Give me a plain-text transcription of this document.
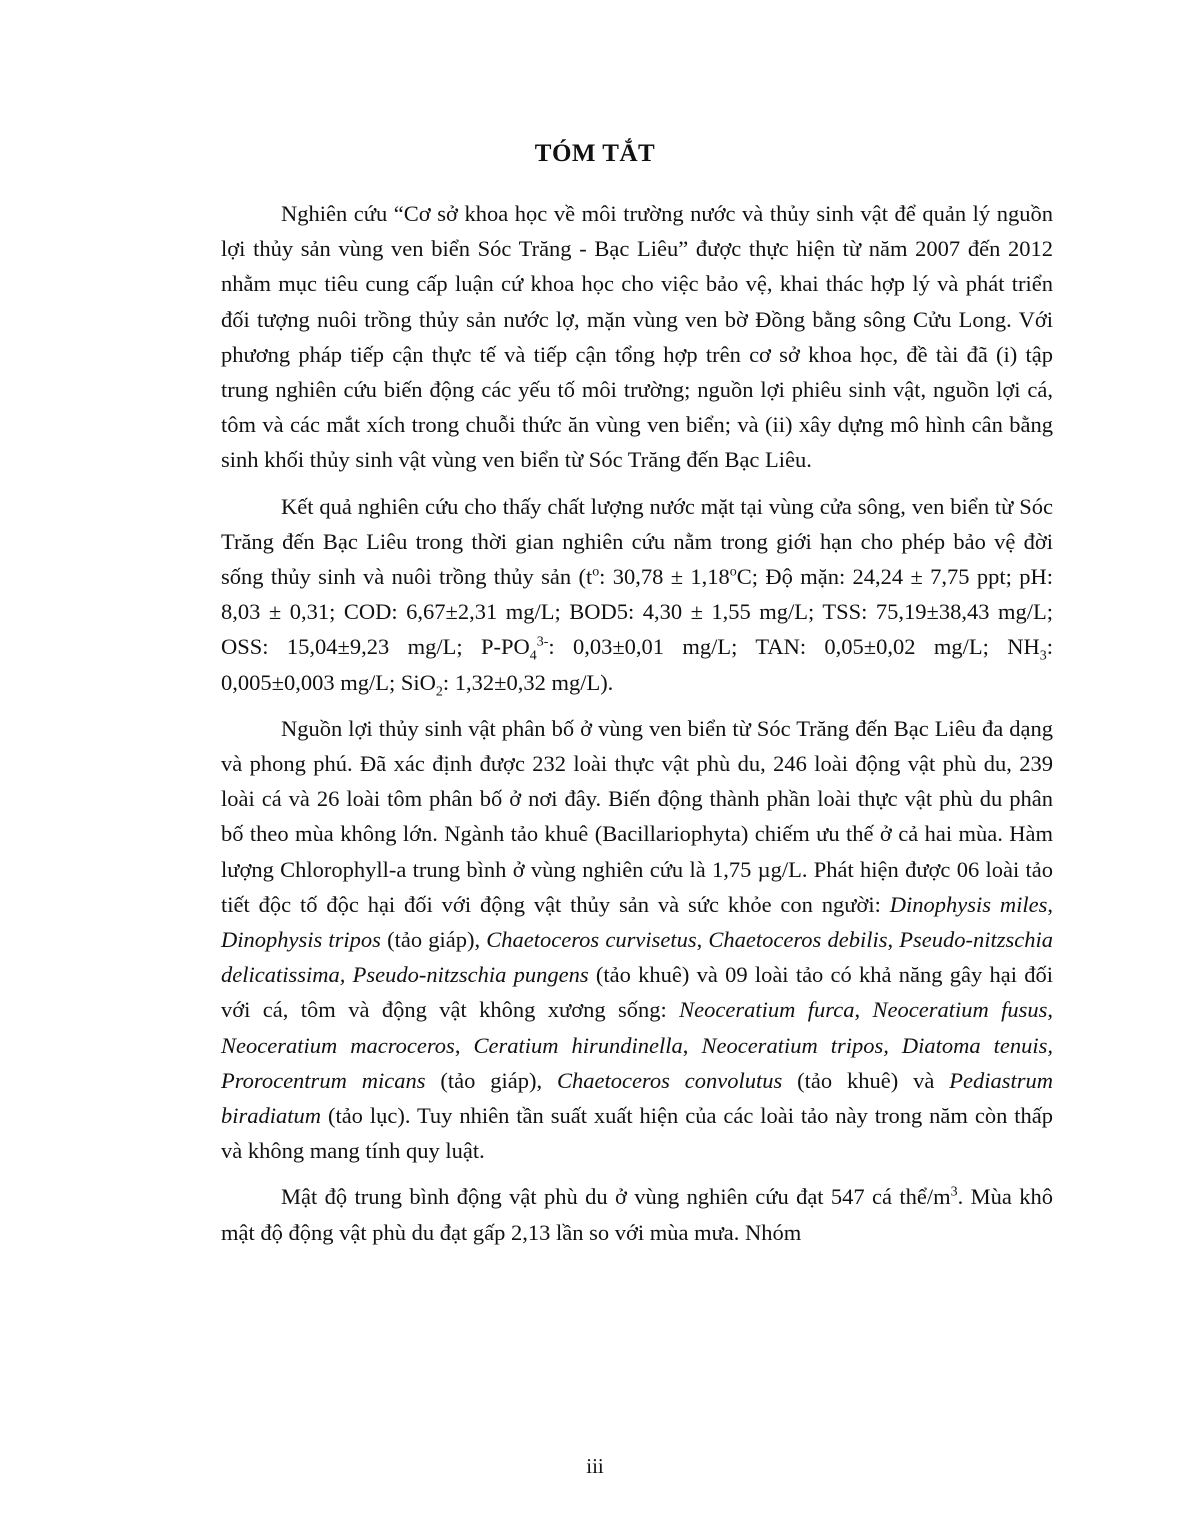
TÓM TẮT

Nghiên cứu “Cơ sở khoa học về môi trường nước và thủy sinh vật để quản lý nguồn lợi thủy sản vùng ven biển Sóc Trăng - Bạc Liêu” được thực hiện từ năm 2007 đến 2012 nhằm mục tiêu cung cấp luận cứ khoa học cho việc bảo vệ, khai thác hợp lý và phát triển đối tượng nuôi trồng thủy sản nước lợ, mặn vùng ven bờ Đồng bằng sông Cửu Long. Với phương pháp tiếp cận thực tế và tiếp cận tổng hợp trên cơ sở khoa học, đề tài đã (i) tập trung nghiên cứu biến động các yếu tố môi trường; nguồn lợi phiêu sinh vật, nguồn lợi cá, tôm và các mắt xích trong chuỗi thức ăn vùng ven biển; và (ii) xây dựng mô hình cân bằng sinh khối thủy sinh vật vùng ven biển từ Sóc Trăng đến Bạc Liêu.

Kết quả nghiên cứu cho thấy chất lượng nước mặt tại vùng cửa sông, ven biển từ Sóc Trăng đến Bạc Liêu trong thời gian nghiên cứu nằm trong giới hạn cho phép bảo vệ đời sống thủy sinh và nuôi trồng thủy sản ($t^o$: $30,78 \pm 1,18^oC$; Độ mặn: 24,24 ± 7,75 ppt; pH: 8,03 ± 0,31; COD: 6,67±2,31 mg/L; BOD5: 4,30 ± 1,55 mg/L; TSS: 75,19±38,43 mg/L; OSS: 15,04±9,23 mg/L; $P-PO_4^{3-}$: 0,03±0,01 mg/L; TAN: 0,05±0,02 mg/L; $NH_3$: 0,005±0,003 mg/L; SiO$_2$: 1,32±0,32 mg/L).

Nguồn lợi thủy sinh vật phân bố ở vùng ven biển từ Sóc Trăng đến Bạc Liêu đa dạng và phong phú. Đã xác định được 232 loài thực vật phù du, 246 loài động vật phù du, 239 loài cá và 26 loài tôm phân bố ở nơi đây. Biến động thành phần loài thực vật phù du phân bố theo mùa không lớn. Ngành tảo khuê (Bacillariophyta) chiếm ưu thế ở cả hai mùa. Hàm lượng Chlorophyll-a trung bình ở vùng nghiên cứu là 1,75 µg/L. Phát hiện được 06 loài tảo tiết độc tố độc hại đối với động vật thủy sản và sức khỏe con người: Dinophysis miles, Dinophysis tripos (tảo giáp), Chaetoceros curvisetus, Chaetoceros debilis, Pseudo-nitzschia delicatissima, Pseudo-nitzschia pungens (tảo khuê) và 09 loài tảo có khả năng gây hại đối với cá, tôm và động vật không xương sống: Neoceratium furca, Neoceratium fusus, Neoceratium macroceros, Ceratium hirundinella, Neoceratium tripos, Diatoma tenuis, Prorocentrum micans (tảo giáp), Chaetoceros convolutus (tảo khuê) và Pediastrum biradiatum (tảo lục). Tuy nhiên tần suất xuất hiện của các loài tảo này trong năm còn thấp và không mang tính quy luật.

Mật độ trung bình động vật phù du ở vùng nghiên cứu đạt 547 cá thể/$m^3$. Mùa khô mật độ động vật phù du đạt gấp 2,13 lần so với mùa mưa. Nhóm

iii
